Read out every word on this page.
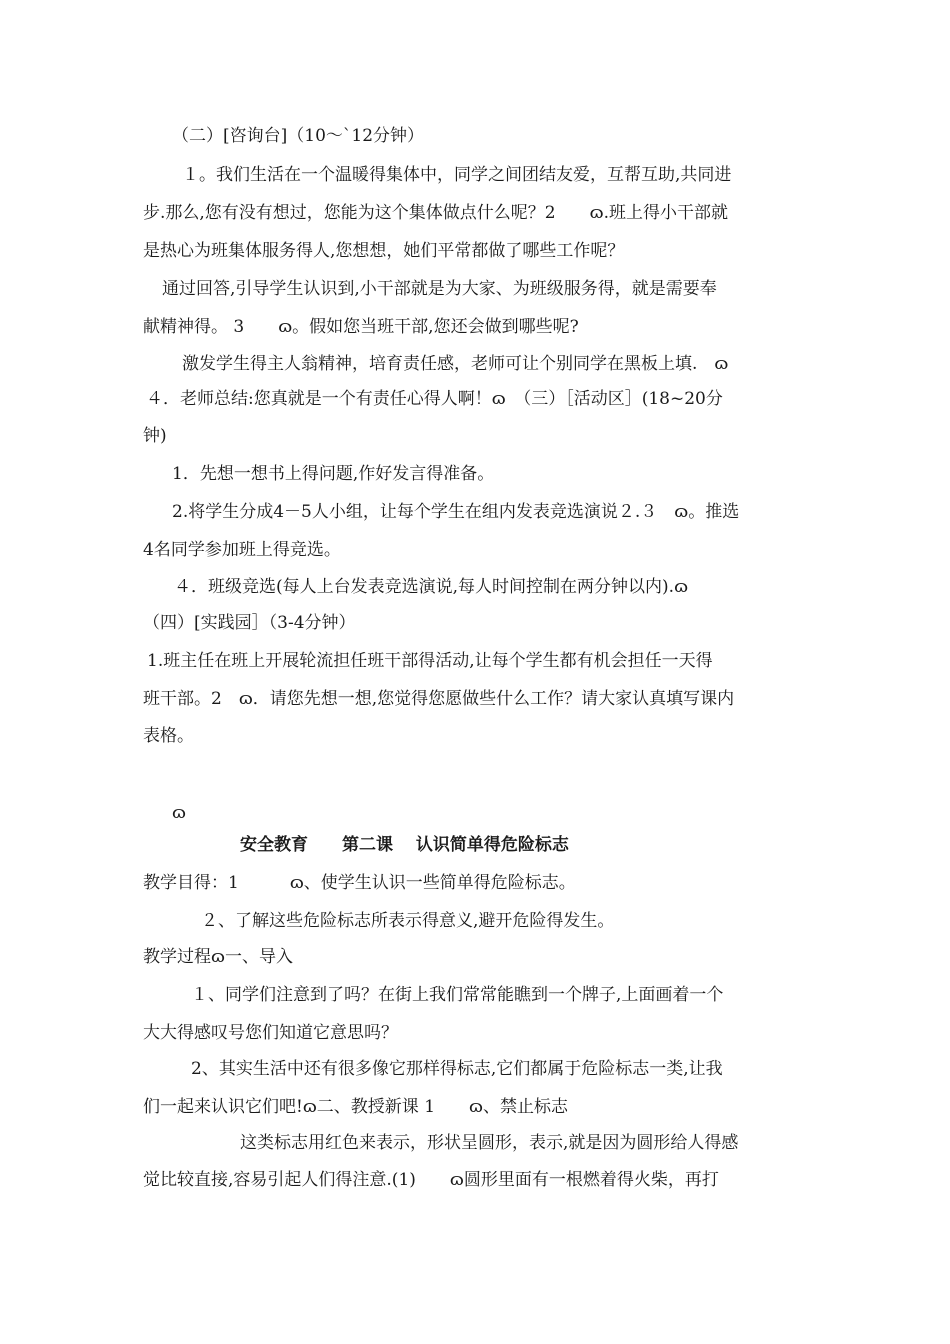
（二）[咨询台]（10～`12分钟）
１。我们生活在一个温暖得集体中，同学之间团结友爱，互帮互助,共同进
步.那么,您有没有想过，您能为这个集体做点什么呢？2　　ɷ.班上得小干部就
是热心为班集体服务得人,您想想，她们平常都做了哪些工作呢？
通过回答,引导学生认识到,小干部就是为大家、为班级服务得，就是需要奉
献精神得。 3　　ɷ。假如您当班干部,您还会做到哪些呢?
激发学生得主人翁精神，培育责任感，老师可让个别同学在黑板上填.　ɷ
４．老师总结:您真就是一个有责任心得人啊！ɷ　（三）［活动区］(18~20分
钟)
1．先想一想书上得问题,作好发言得准备。
2.将学生分成4－5人小组，让每个学生在组内发表竞选演说２.３　ɷ。推选
4名同学参加班上得竞选。
４．班级竞选(每人上台发表竞选演说,每人时间控制在两分钟以内).ɷ
（四）[实践园］（3-4分钟）
1.班主任在班上开展轮流担任班干部得活动,让每个学生都有机会担任一天得
班干部。2　ɷ．请您先想一想,您觉得您愿做些什么工作？请大家认真填写课内
表格。
ɷ
安全教育　　第二课　 认识简单得危险标志
教学目得：1　　　ɷ、使学生认识一些简单得危险标志。
２、了解这些危险标志所表示得意义,避开危险得发生。
教学过程ɷ一、导入
１、同学们注意到了吗？在街上我们常常能瞧到一个牌子,上面画着一个
大大得感叹号您们知道它意思吗？
2、其实生活中还有很多像它那样得标志,它们都属于危险标志一类,让我
们一起来认识它们吧!ɷ二、教授新课 1　　ɷ、禁止标志
这类标志用红色来表示，形状呈圆形，表示,就是因为圆形给人得感
觉比较直接,容易引起人们得注意.(1)　　ɷ圆形里面有一根燃着得火柴，再打
